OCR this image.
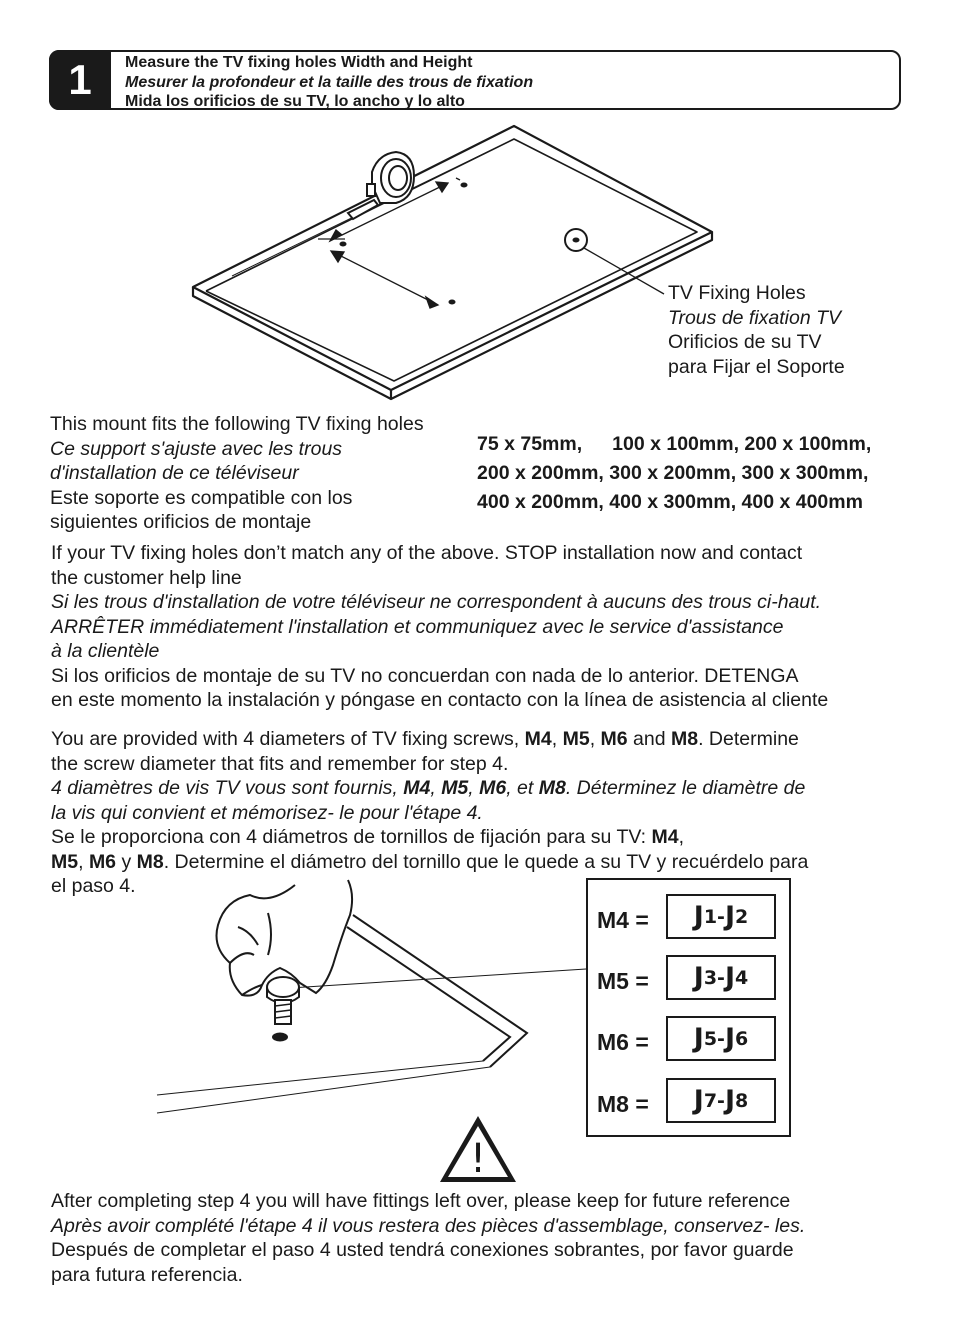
1	Measure the TV fixing holes Width and Height
Mesurer la profondeur et la taille des trous de fixation
Mida los orificios de su TV, lo ancho y lo alto
TV Fixing Holes
Trous de fixation TV
Orificios de su TV
para Fijar el Soporte
This mount fits the following TV fixing holes
Ce support s'ajuste avec les trous
d'installation de ce téléviseur
Este soporte es compatible con los
siguientes orificios de montaje
75 x 75mm, 100 x 100mm, 200 x 100mm,
200 x 200mm, 300 x 200mm, 300 x 300mm,
400 x 200mm, 400 x 300mm, 400 x 400mm
If your TV fixing holes don’t match any of the above. STOP installation now and contact
the customer help line
Si les trous d'installation de votre téléviseur ne correspondent à aucuns des trous ci-haut.
ARRÊTER immédiatement l'installation et communiquez avec le service d'assistance
à la clientèle
Si los orificios de montaje de su TV no concuerdan con nada de lo anterior. DETENGA
en este momento la instalación y póngase en contacto con la línea de asistencia al cliente
You are provided with 4 diameters of TV fixing screws, M4, M5, M6 and M8. Determine
the screw diameter that fits and remember for step 4.
4 diamètres de vis TV vous sont fournis, M4, M5, M6, et M8. Déterminez le diamètre de
la vis qui convient et mémorisez- le pour l'étape 4.
Se le proporciona con 4 diámetros de tornillos de fijación para su TV: M4,
M5, M6 y M8. Determine el diámetro del tornillo que le quede a su TV y recuérdelo para
el paso 4.
M4 = J 1 - J 2
M5 = J 3 - J 4
M6 = J 5 - J 6
M8 = J 7 - J 8
!
After completing step 4 you will have fittings left over, please keep for future reference
Après avoir complété l'étape 4 il vous restera des pièces d'assemblage, conservez- les.
Después de completar el paso 4 usted tendrá conexiones sobrantes, por favor guarde
para futura referencia.
